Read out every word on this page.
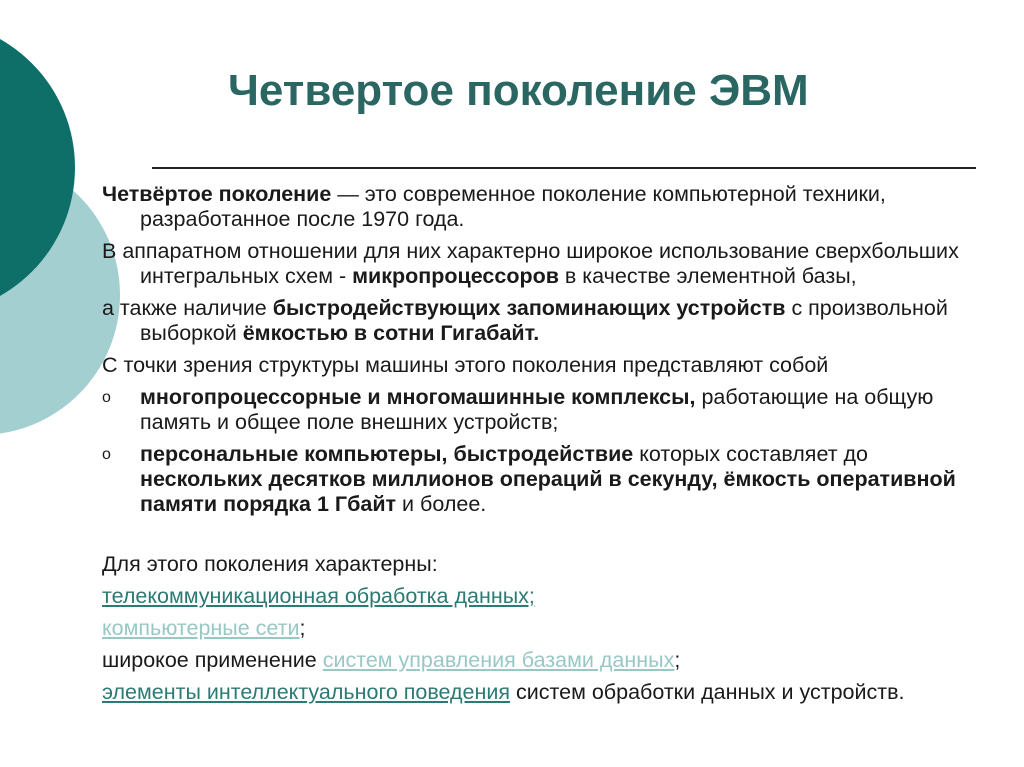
Четвертое поколение ЭВМ

Четвёртое поколение — это современное поколение компьютерной техники, разработанное после 1970 года.

В аппаратном отношении для них характерно широкое использование сверхбольших интегральных схем - микропроцессоров в качестве элементной базы,

а также наличие быстродействующих запоминающих устройств с произвольной выборкой ёмкостью в сотни Гигабайт.

С точки зрения структуры машины этого поколения представляют собой

o многопроцессорные и многомашинные комплексы, работающие на общую память и общее поле внешних устройств;
o персональные компьютеры, быстродействие которых составляет до нескольких десятков миллионов операций в секунду, ёмкость оперативной памяти порядка 1 Гбайт и более.

Для этого поколения характерны:

телекоммуникационная обработка данных;

компьютерные сети;

широкое применение систем управления базами данных;

элементы интеллектуального поведения систем обработки данных и устройств.
